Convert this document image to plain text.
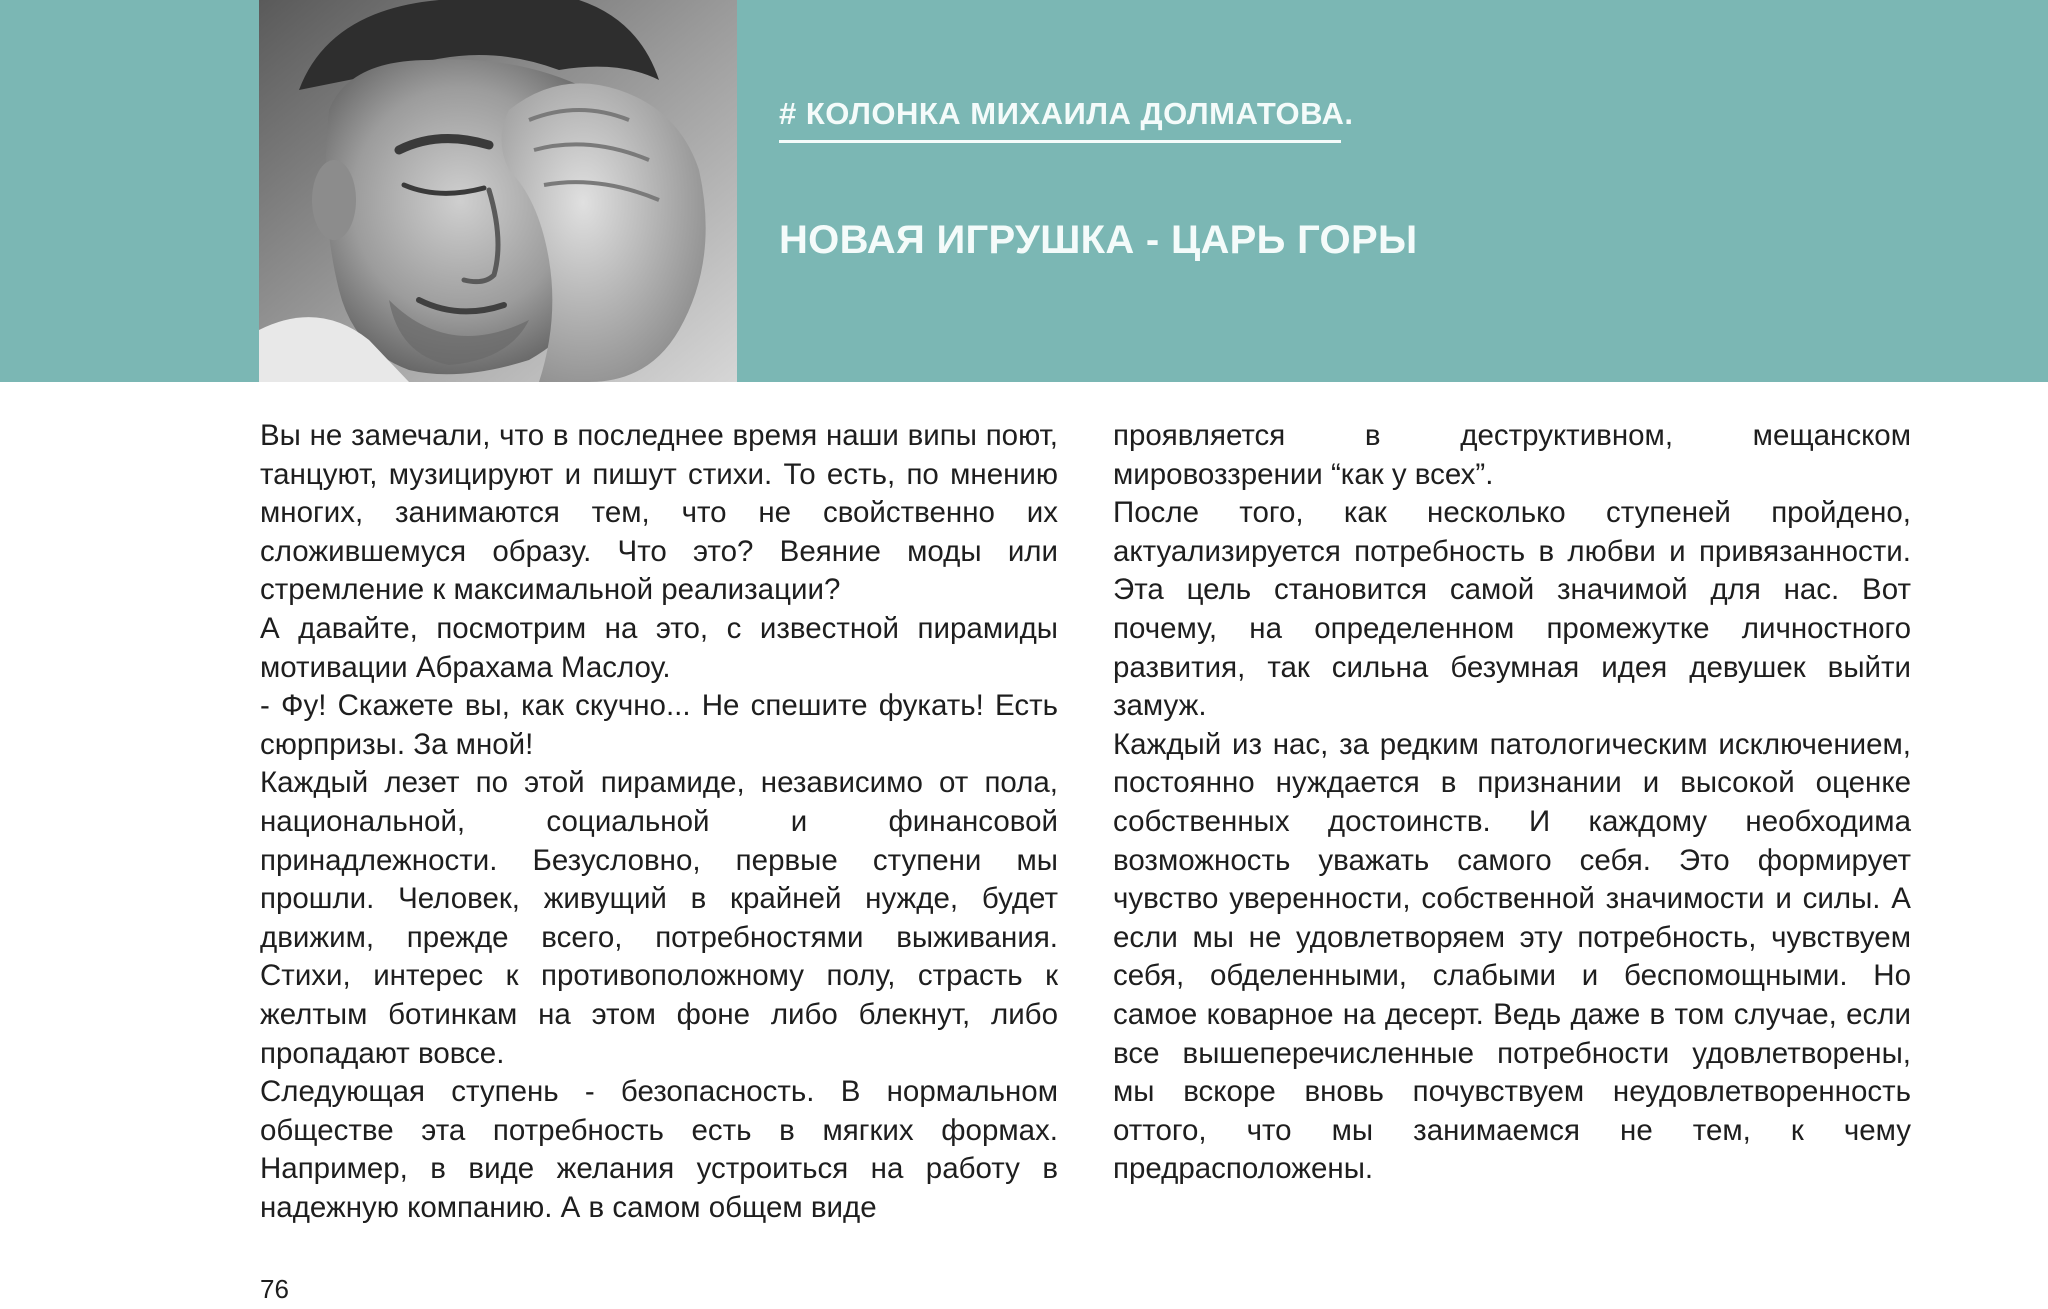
# КОЛОНКА МИХАИЛА ДОЛМАТОВА.
НОВАЯ ИГРУШКА - ЦАРЬ ГОРЫ

Вы не замечали, что в последнее время наши випы поют, танцуют, музицируют и пишут стихи. То есть, по мнению многих, занимаются тем, что не свойственно их сложившемуся образу. Что это? Веяние моды или стремление к максимальной реализации?

А давайте, посмотрим на это, с известной пирамиды мотивации Абрахама Маслоу.

- Фу! Скажете вы, как скучно... Не спешите фукать! Есть сюрпризы. За мной!

Каждый лезет по этой пирамиде, независимо от пола, национальной, социальной и финансовой принадлежности. Безусловно, первые ступени мы прошли. Человек, живущий в крайней нужде, будет движим, прежде всего, потребностями выживания. Стихи, интерес к противоположному полу, страсть к желтым ботинкам на этом фоне либо блекнут, либо пропадают вовсе.

Следующая ступень - безопасность. В нормальном обществе эта потребность есть в мягких формах. Например, в виде желания устроиться на работу в надежную компанию. А в самом общем виде

проявляется в деструктивном, мещанском мировоззрении “как у всех”.

После того, как несколько ступеней пройдено, актуализируется потребность в любви и привязанности. Эта цель становится самой значимой для нас. Вот почему, на определенном промежутке личностного развития, так сильна безумная идея девушек выйти замуж.

Каждый из нас, за редким патологическим исключением, постоянно нуждается в признании и высокой оценке собственных достоинств. И каждому необходима возможность уважать самого себя. Это формирует чувство уверенности, собственной значимости и силы. А если мы не удовлетворяем эту потребность, чувствуем себя, обделенными, слабыми и беспомощными. Но самое коварное на десерт. Ведь даже в том случае, если все вышеперечисленные потребности удовлетворены, мы вскоре вновь почувствуем неудовлетворенность оттого, что мы занимаемся не тем, к чему предрасположены.

76
